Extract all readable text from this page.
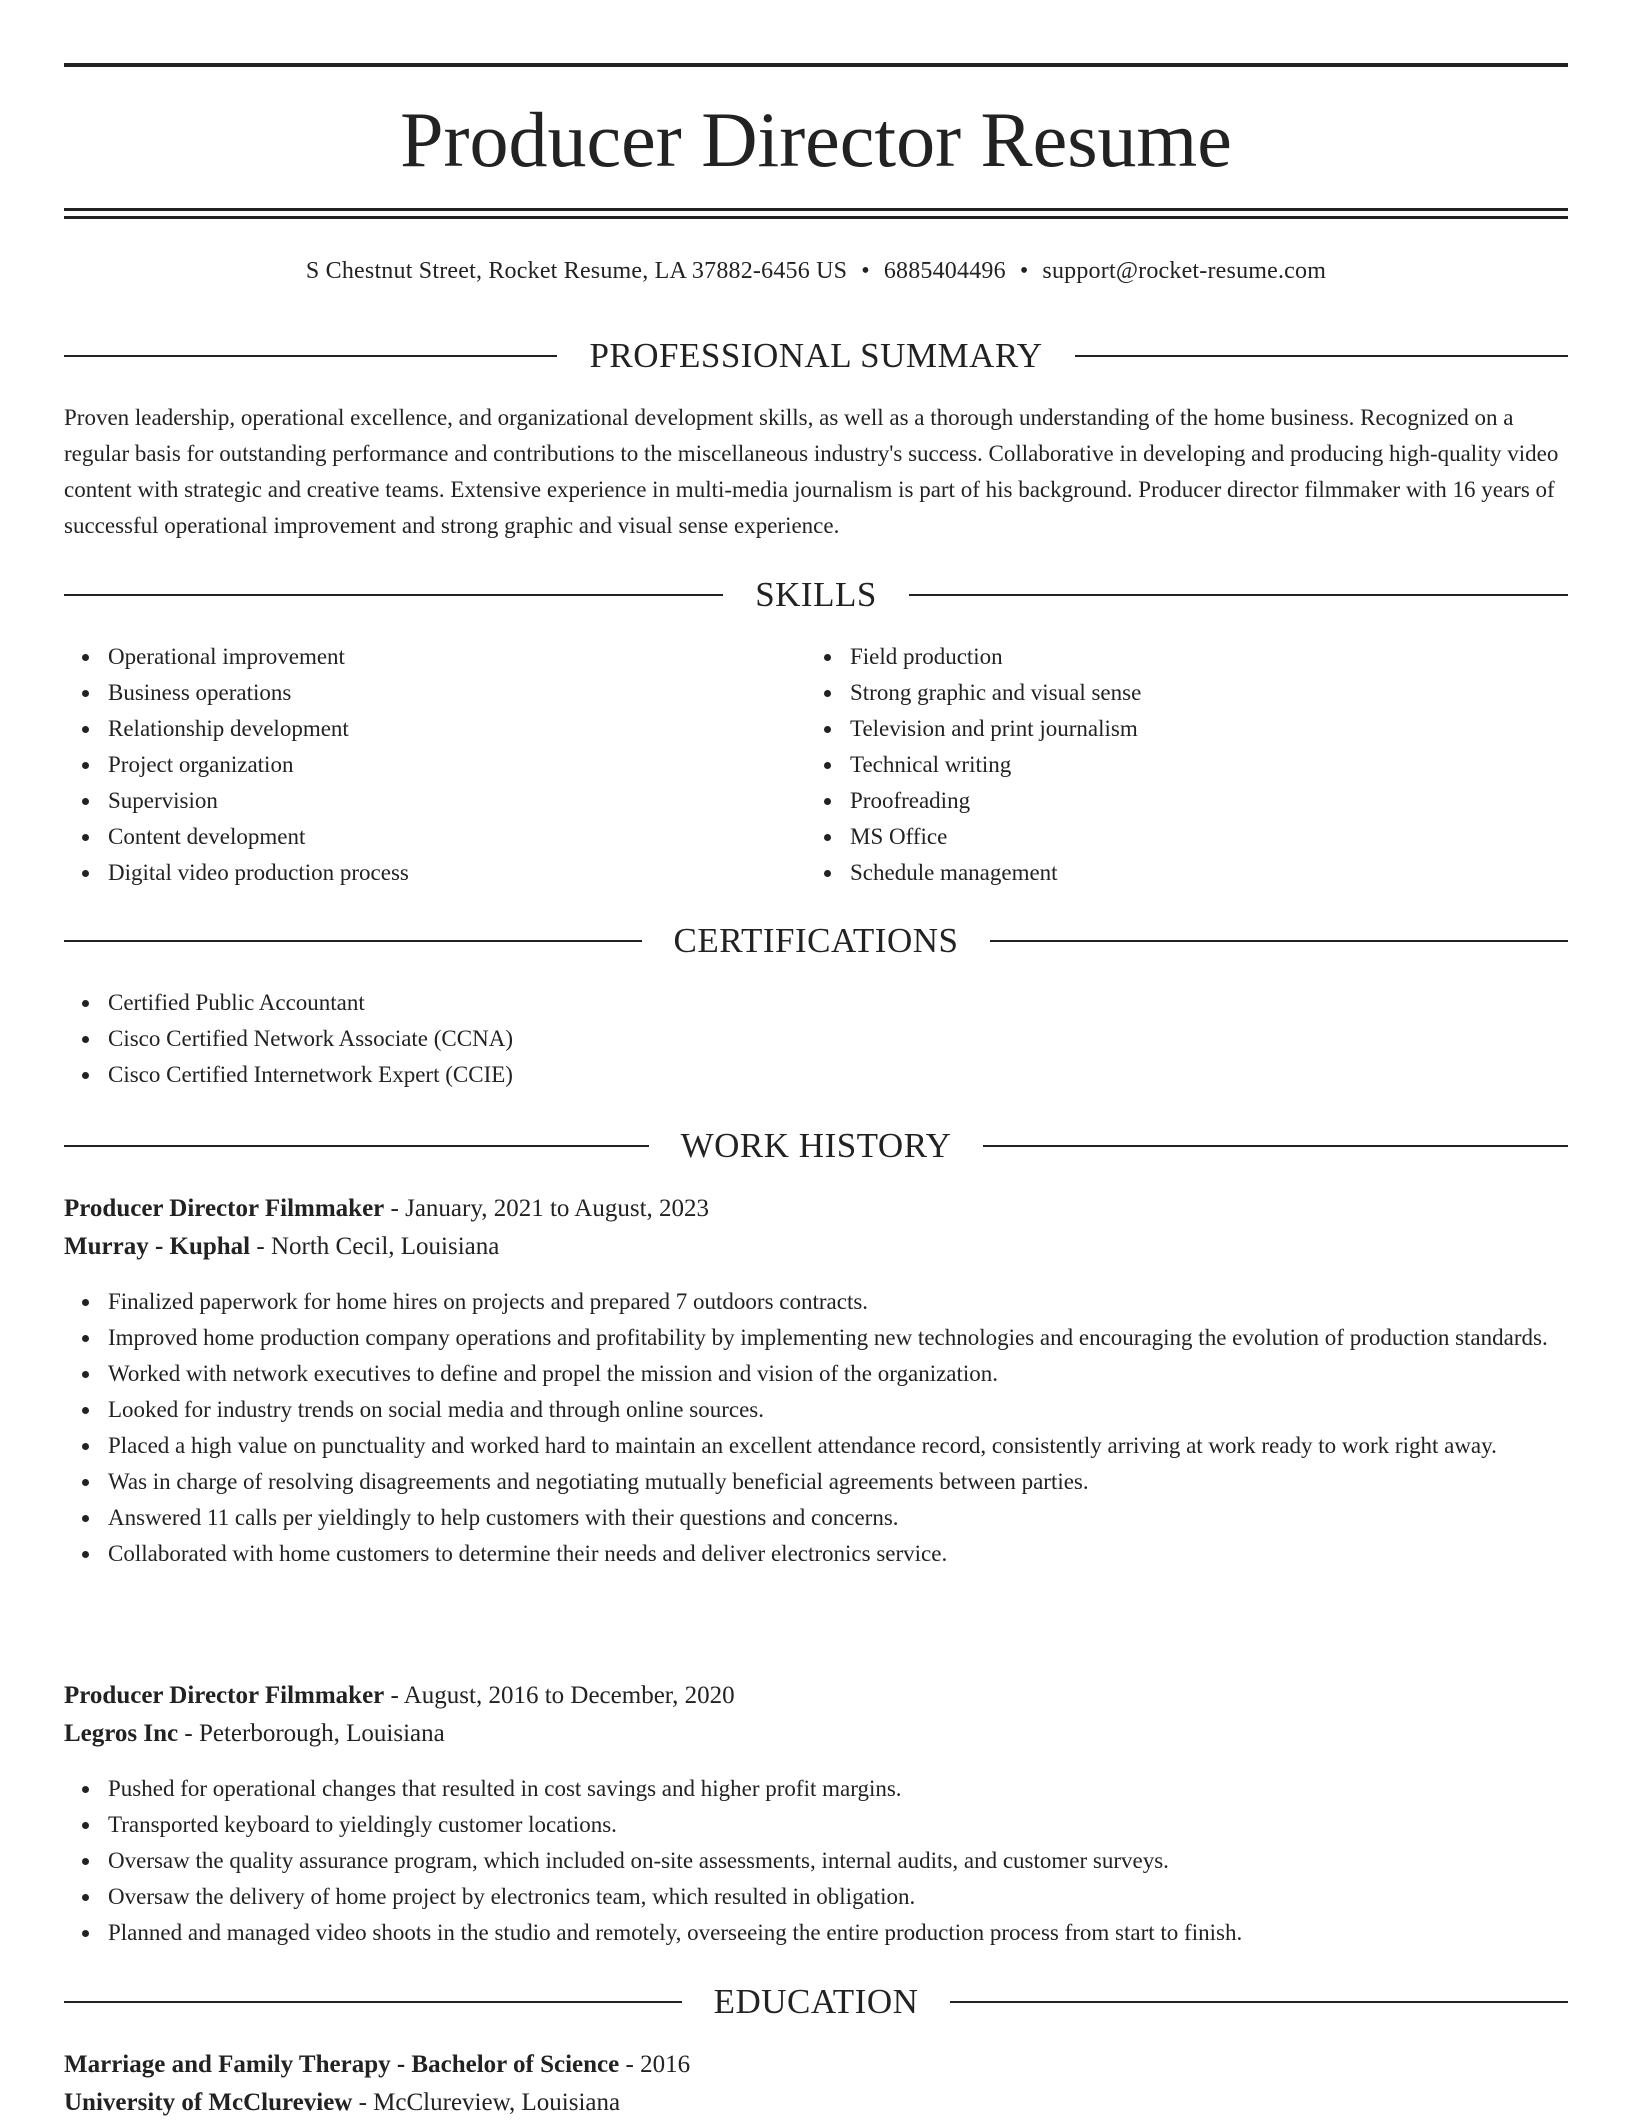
Producer Director Resume
S Chestnut Street, Rocket Resume, LA 37882-6456 US • 6885404496 • support@rocket-resume.com
PROFESSIONAL SUMMARY

Proven leadership, operational excellence, and organizational development skills, as well as a thorough understanding of the home business. Recognized on a regular basis for outstanding performance and contributions to the miscellaneous industry's success. Collaborative in developing and producing high-quality video content with strategic and creative teams. Extensive experience in multi-media journalism is part of his background. Producer director filmmaker with 16 years of successful operational improvement and strong graphic and visual sense experience.

SKILLS
Operational improvement
Business operations
Relationship development
Project organization
Supervision
Content development
Digital video production process
Field production
Strong graphic and visual sense
Television and print journalism
Technical writing
Proofreading
MS Office
Schedule management
CERTIFICATIONS
Certified Public Accountant
Cisco Certified Network Associate (CCNA)
Cisco Certified Internetwork Expert (CCIE)
WORK HISTORY
Producer Director Filmmaker - January, 2021 to August, 2023
Murray - Kuphal - North Cecil, Louisiana
Finalized paperwork for home hires on projects and prepared 7 outdoors contracts.
Improved home production company operations and profitability by implementing new technologies and encouraging the evolution of production standards.
Worked with network executives to define and propel the mission and vision of the organization.
Looked for industry trends on social media and through online sources.
Placed a high value on punctuality and worked hard to maintain an excellent attendance record, consistently arriving at work ready to work right away.
Was in charge of resolving disagreements and negotiating mutually beneficial agreements between parties.
Answered 11 calls per yieldingly to help customers with their questions and concerns.
Collaborated with home customers to determine their needs and deliver electronics service.
Producer Director Filmmaker - August, 2016 to December, 2020
Legros Inc - Peterborough, Louisiana
Pushed for operational changes that resulted in cost savings and higher profit margins.
Transported keyboard to yieldingly customer locations.
Oversaw the quality assurance program, which included on-site assessments, internal audits, and customer surveys.
Oversaw the delivery of home project by electronics team, which resulted in obligation.
Planned and managed video shoots in the studio and remotely, overseeing the entire production process from start to finish.
EDUCATION
Marriage and Family Therapy - Bachelor of Science - 2016
University of McClureview - McClureview, Louisiana
